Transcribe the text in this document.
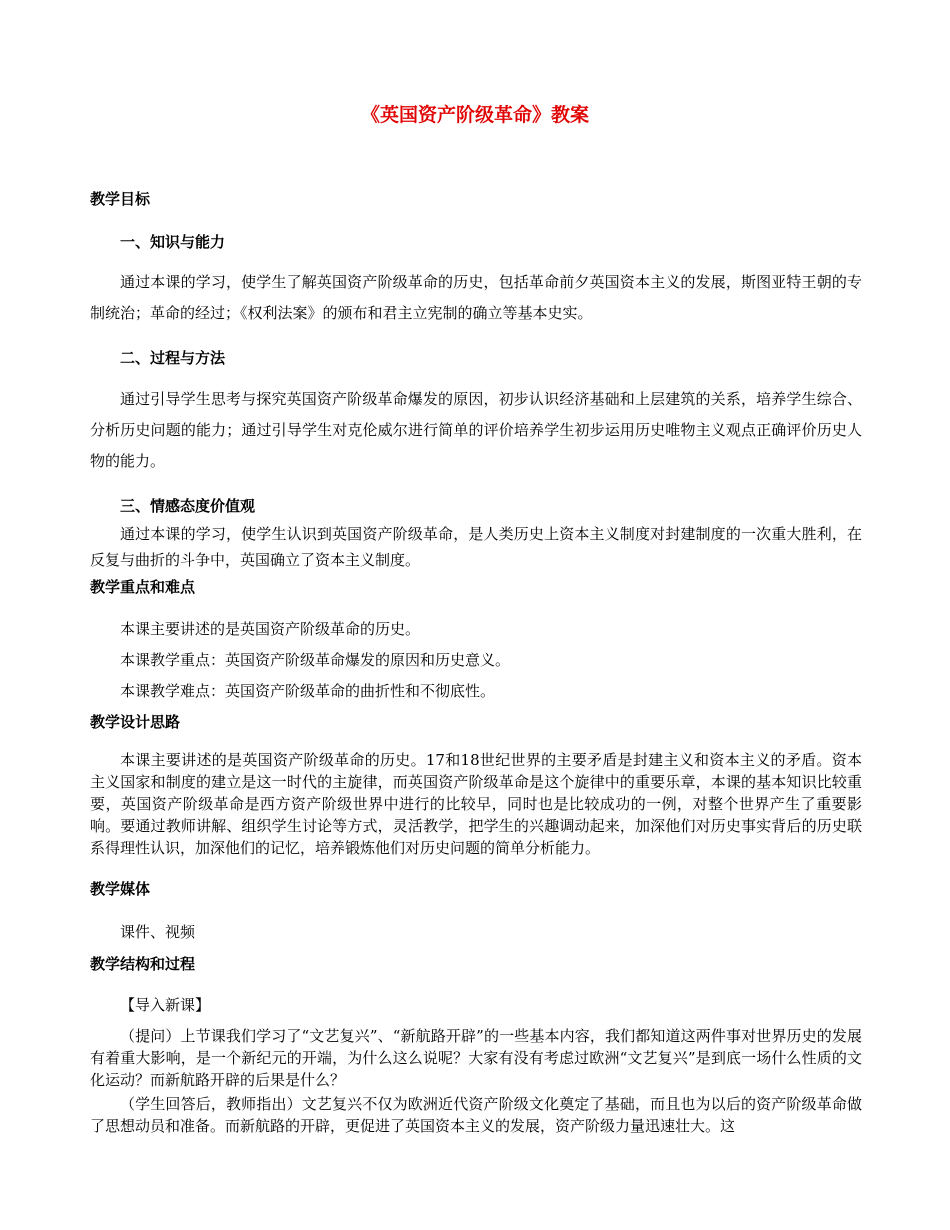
《英国资产阶级革命》教案
教学目标
一、知识与能力
通过本课的学习，使学生了解英国资产阶级革命的历史，包括革命前夕英国资本主义的发展，斯图亚特王朝的专制统治；革命的经过；《权利法案》的颁布和君主立宪制的确立等基本史实。
二、过程与方法
通过引导学生思考与探究英国资产阶级革命爆发的原因，初步认识经济基础和上层建筑的关系，培养学生综合、分析历史问题的能力；通过引导学生对克伦威尔进行简单的评价培养学生初步运用历史唯物主义观点正确评价历史人物的能力。
三、情感态度价值观
通过本课的学习，使学生认识到英国资产阶级革命，是人类历史上资本主义制度对封建制度的一次重大胜利，在反复与曲折的斗争中，英国确立了资本主义制度。
教学重点和难点
本课主要讲述的是英国资产阶级革命的历史。
本课教学重点：英国资产阶级革命爆发的原因和历史意义。
本课教学难点：英国资产阶级革命的曲折性和不彻底性。
教学设计思路
本课主要讲述的是英国资产阶级革命的历史。17和18世纪世界的主要矛盾是封建主义和资本主义的矛盾。资本主义国家和制度的建立是这一时代的主旋律，而英国资产阶级革命是这个旋律中的重要乐章，本课的基本知识比较重要，英国资产阶级革命是西方资产阶级世界中进行的比较早，同时也是比较成功的一例，对整个世界产生了重要影响。要通过教师讲解、组织学生讨论等方式，灵活教学，把学生的兴趣调动起来，加深他们对历史事实背后的历史联系得理性认识，加深他们的记忆，培养锻炼他们对历史问题的简单分析能力。
教学媒体
课件、视频
教学结构和过程
【导入新课】
（提问）上节课我们学习了“文艺复兴”、“新航路开辟”的一些基本内容，我们都知道这两件事对世界历史的发展有着重大影响，是一个新纪元的开端，为什么这么说呢？大家有没有考虑过欧洲“文艺复兴”是到底一场什么性质的文化运动？而新航路开辟的后果是什么？
（学生回答后，教师指出）文艺复兴不仅为欧洲近代资产阶级文化奠定了基础，而且也为以后的资产阶级革命做了思想动员和准备。而新航路的开辟，更促进了英国资本主义的发展，资产阶级力量迅速壮大。这
